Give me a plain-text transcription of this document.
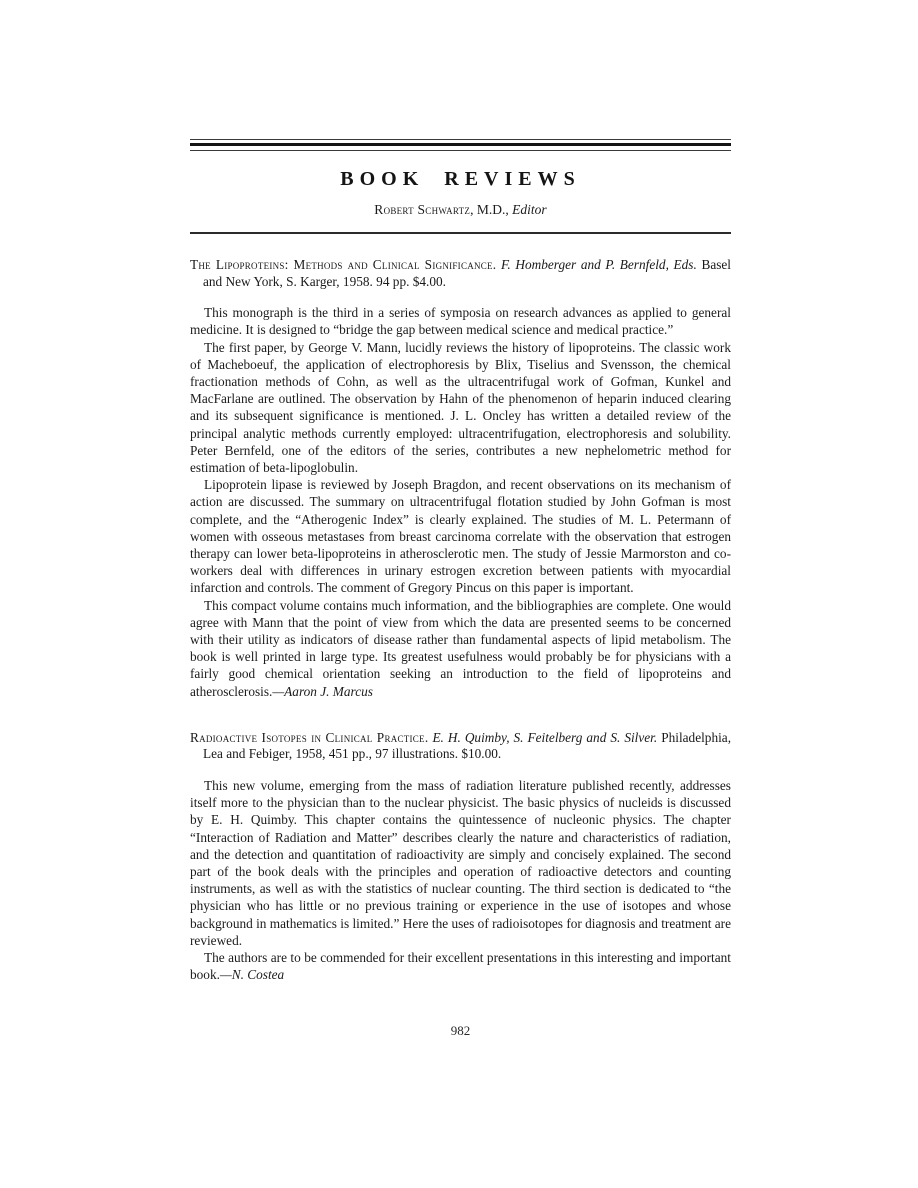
BOOK REVIEWS
Robert Schwartz, M.D., Editor

The Lipoproteins: Methods and Clinical Significance. F. Homberger and P. Bernfeld, Eds. Basel and New York, S. Karger, 1958. 94 pp. $4.00.

This monograph is the third in a series of symposia on research advances as applied to general medicine. It is designed to “bridge the gap between medical science and medical practice.”

The first paper, by George V. Mann, lucidly reviews the history of lipoproteins. The classic work of Macheboeuf, the application of electrophoresis by Blix, Tiselius and Svensson, the chemical fractionation methods of Cohn, as well as the ultracentrifugal work of Gofman, Kunkel and MacFarlane are outlined. The observation by Hahn of the phenomenon of heparin induced clearing and its subsequent significance is mentioned. J. L. Oncley has written a detailed review of the principal analytic methods currently employed: ultracentrifugation, electrophoresis and solubility. Peter Bernfeld, one of the editors of the series, contributes a new nephelometric method for estimation of beta-lipoglobulin.

Lipoprotein lipase is reviewed by Joseph Bragdon, and recent observations on its mechanism of action are discussed. The summary on ultracentrifugal flotation studied by John Gofman is most complete, and the “Atherogenic Index” is clearly explained. The studies of M. L. Petermann of women with osseous metastases from breast carcinoma correlate with the observation that estrogen therapy can lower beta-lipoproteins in atherosclerotic men. The study of Jessie Marmorston and co-workers deal with differences in urinary estrogen excretion between patients with myocardial infarction and controls. The comment of Gregory Pincus on this paper is important.

This compact volume contains much information, and the bibliographies are complete. One would agree with Mann that the point of view from which the data are presented seems to be concerned with their utility as indicators of disease rather than fundamental aspects of lipid metabolism. The book is well printed in large type. Its greatest usefulness would probably be for physicians with a fairly good chemical orientation seeking an introduction to the field of lipoproteins and atherosclerosis.—Aaron J. Marcus

Radioactive Isotopes in Clinical Practice. E. H. Quimby, S. Feitelberg and S. Silver. Philadelphia, Lea and Febiger, 1958, 451 pp., 97 illustrations. $10.00.

This new volume, emerging from the mass of radiation literature published recently, addresses itself more to the physician than to the nuclear physicist. The basic physics of nucleids is discussed by E. H. Quimby. This chapter contains the quintessence of nucleonic physics. The chapter “Interaction of Radiation and Matter” describes clearly the nature and characteristics of radiation, and the detection and quantitation of radioactivity are simply and concisely explained. The second part of the book deals with the principles and operation of radioactive detectors and counting instruments, as well as with the statistics of nuclear counting. The third section is dedicated to “the physician who has little or no previous training or experience in the use of isotopes and whose background in mathematics is limited.” Here the uses of radioisotopes for diagnosis and treatment are reviewed.

The authors are to be commended for their excellent presentations in this interesting and important book.—N. Costea

982
